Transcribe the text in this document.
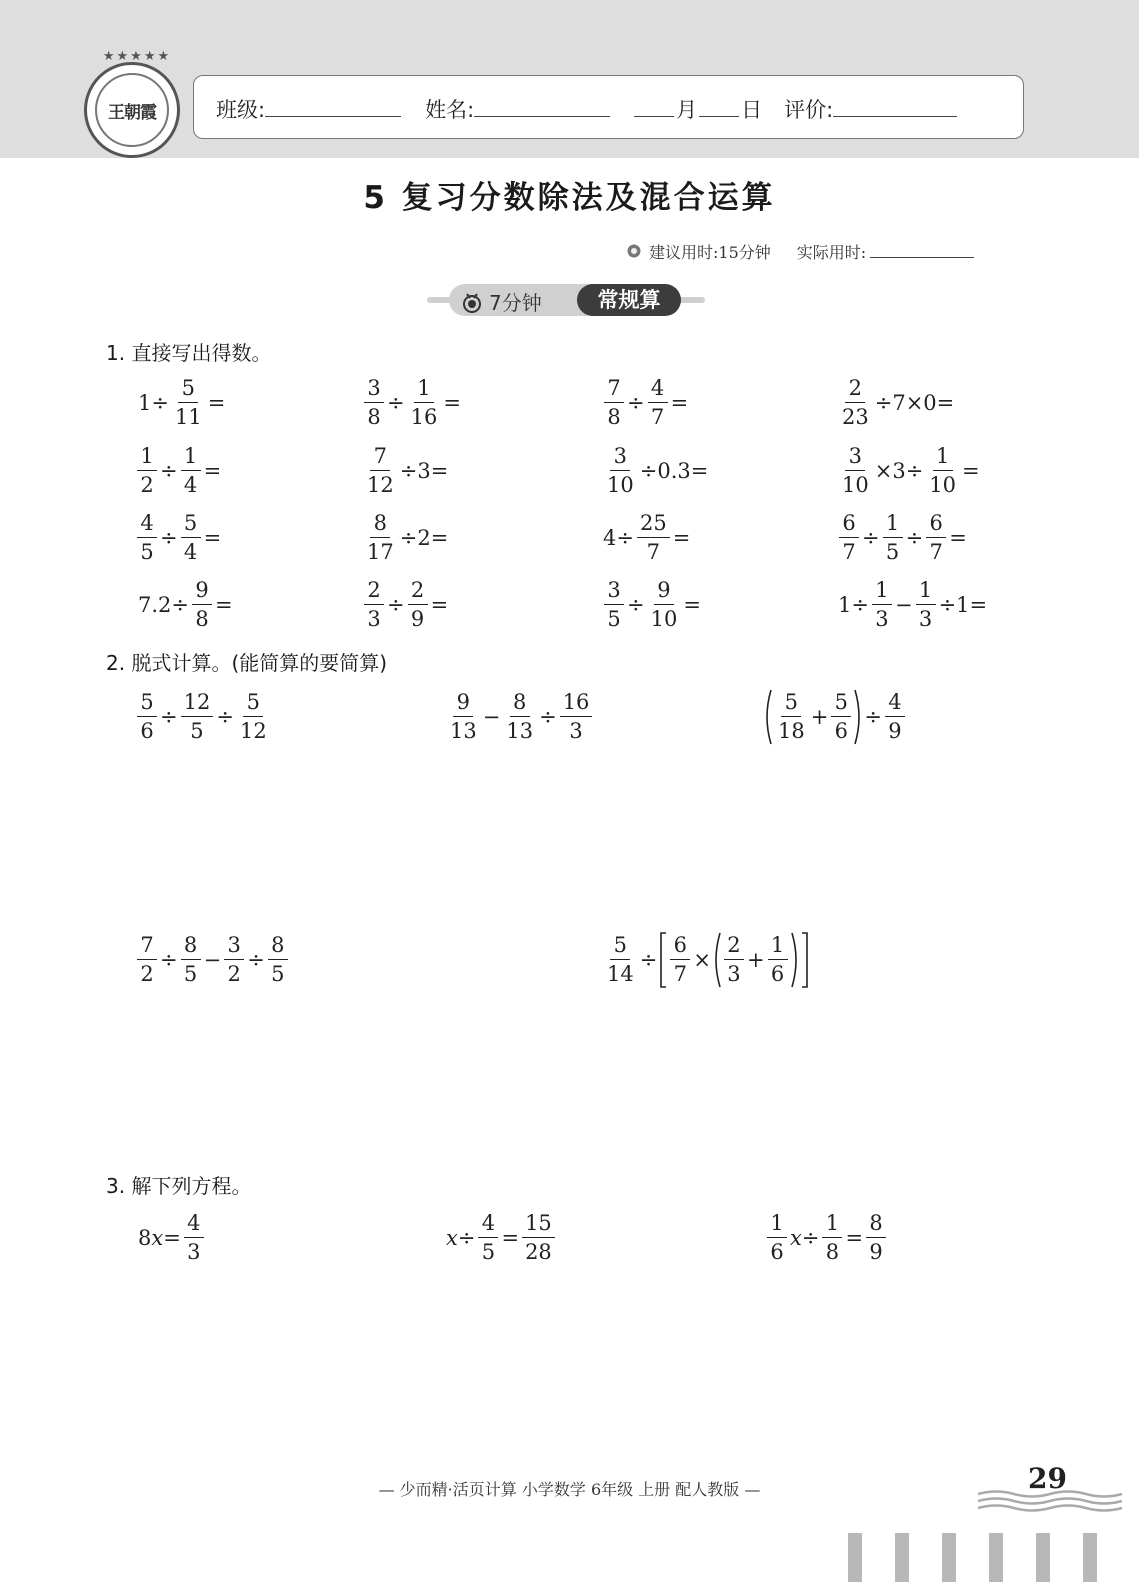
★★★★★
王朝霞	班级:	姓名:	月 日 评价:
5 复习分数除法及混合运算
建议用时:15分钟 实际用时:
7分钟	常规算
1. 直接写出得数。
2. 脱式计算。(能简算的要简算)
3. 解下列方程。
$1\div \frac{5}{11}$ =	$\frac{3}{8} \div \frac{1}{16}$ =	$\frac{7}{8} \div \frac{4}{7}$ =	$\frac{2}{23} \div 7\times 0=$
$\frac{1}{2} \div \frac{1}{4}$ =	$\frac{7}{12} \div 3=$	$\frac{3}{10} \div 0.3=$	$\frac{3}{10} \times 3\div \frac{1}{10}$ =
$\frac{4}{5} \div \frac{5}{4}$ =	$\frac{8}{17} \div 2=$	$4\div \frac{25}{7}$ =	$\frac{6}{7} \div \frac{1}{5} \div \frac{6}{7}$ =
$7.2\div \frac{9}{8}$ =	$\frac{2}{3} \div \frac{2}{9}$ =	$\frac{3}{5} \div \frac{9}{10}$ =	$1\div \frac{1}{3} - \frac{1}{3} \div 1=$
$\frac{5}{6} \div \frac{12}{5} \div \frac{5}{12}$	$\frac{9}{13} - \frac{8}{13} \div \frac{16}{3}$	$\frac{5}{18} + \frac{5}{6} \div \frac{4}{9}$
$\frac{7}{2} \div \frac{8}{5} - \frac{3}{2} \div \frac{8}{5}$	$\frac{5}{14} \div \frac{6}{7} \times \frac{2}{3} + \frac{1}{6}$
$8x= \frac{4}{3}$	$x\div \frac{4}{5} = \frac{15}{28}$	$\frac{1}{6} x\div \frac{1}{8} = \frac{8}{9}$
— 少而精·活页计算 小学数学 6年级 上册 配人教版 —	29
